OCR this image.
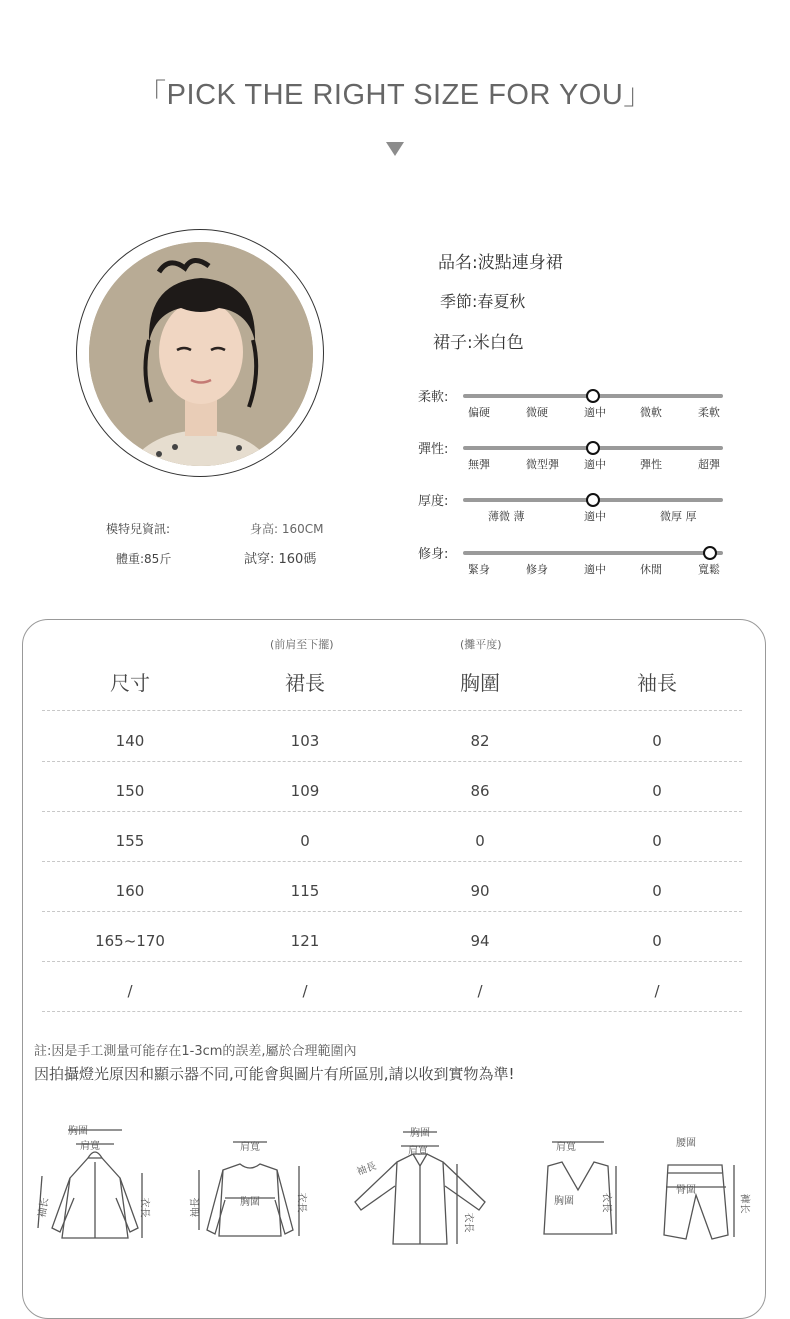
「PICK THE RIGHT SIZE FOR YOU」
品名:波點連身裙
季節:春夏秋
裙子:米白色
模特兒資訊:	身高: 160CM
體重:85斤	試穿: 160碼
柔軟:
偏硬	微硬	適中	微軟	柔軟
彈性:
無彈	微型彈 適中	彈性	超彈
厚度:
薄微 薄	適中	微厚 厚
修身:
緊身	修身	適中	休閒	寬鬆
(前肩至下擺)	(攤平度)
尺寸	裙長	胸圍	袖長
140	103	82	0
150	109	86	0
155	0	0	0
160	115	90	0
165~170	121	94	0
/	/	/	/
註:因是手工測量可能存在1-3cm的誤差,屬於合理範圍內
因拍攝燈光原因和顯示器不同,可能會與圖片有所區別,請以收到實物為準!
胸圍
肩寬
袖长	衣長
肩寬
胸圍
袖長	衣長
胸圍
肩寬
袖長
衣長
肩寬
胸圍	衣長
腰圍
臀圍
褲长
